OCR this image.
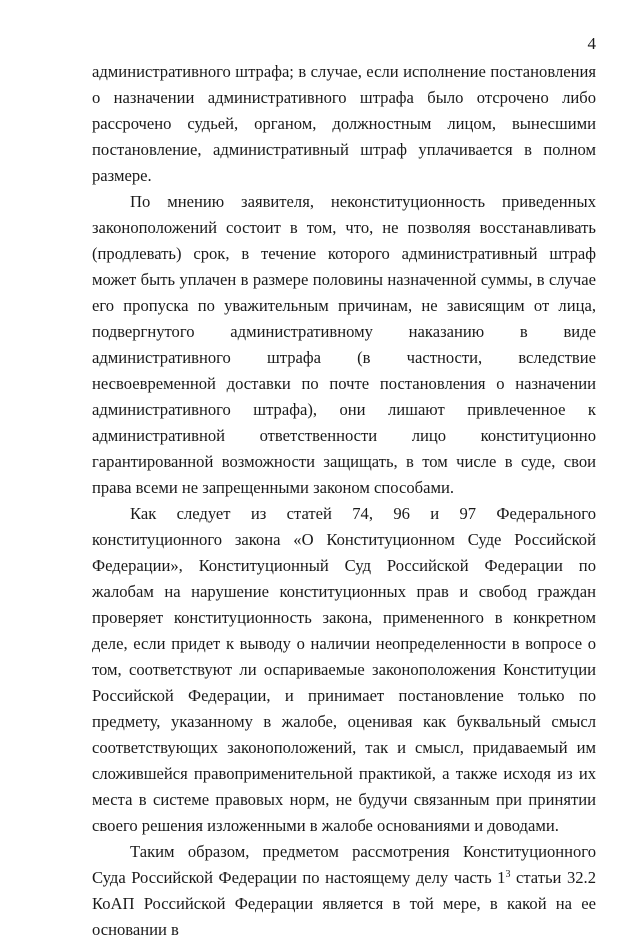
4

административного штрафа; в случае, если исполнение постановления о назначении административного штрафа было отсрочено либо рассрочено судьей, органом, должностным лицом, вынесшими постановление, административный штраф уплачивается в полном размере.

По мнению заявителя, неконституционность приведенных законоположений состоит в том, что, не позволяя восстанавливать (продлевать) срок, в течение которого административный штраф может быть уплачен в размере половины назначенной суммы, в случае его пропуска по уважительным причинам, не зависящим от лица, подвергнутого административному наказанию в виде административного штрафа (в частности, вследствие несвоевременной доставки по почте постановления о назначении административного штрафа), они лишают привлеченное к административной ответственности лицо конституционно гарантированной возможности защищать, в том числе в суде, свои права всеми не запрещенными законом способами.

Как следует из статей 74, 96 и 97 Федерального конституционного закона «О Конституционном Суде Российской Федерации», Конституционный Суд Российской Федерации по жалобам на нарушение конституционных прав и свобод граждан проверяет конституционность закона, примененного в конкретном деле, если придет к выводу о наличии неопределенности в вопросе о том, соответствуют ли оспариваемые законоположения Конституции Российской Федерации, и принимает постановление только по предмету, указанному в жалобе, оценивая как буквальный смысл соответствующих законоположений, так и смысл, придаваемый им сложившейся правоприменительной практикой, а также исходя из их места в системе правовых норм, не будучи связанным при принятии своего решения изложенными в жалобе основаниями и доводами.

Таким образом, предметом рассмотрения Конституционного Суда Российской Федерации по настоящему делу часть $1^3$ статьи 32.2 КоАП Российской Федерации является в той мере, в какой на ее основании в
